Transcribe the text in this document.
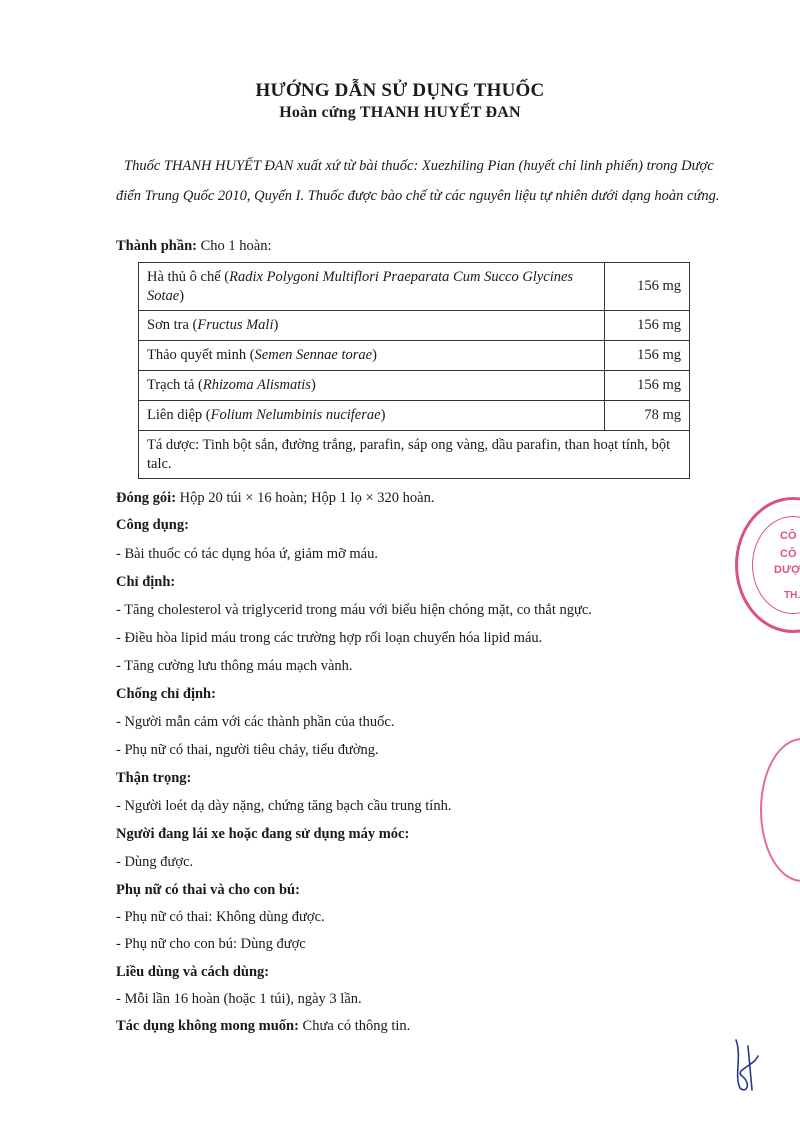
HƯỚNG DẪN SỬ DỤNG THUỐC
Hoàn cứng THANH HUYẾT ĐAN
Thuốc THANH HUYẾT ĐAN xuất xứ từ bài thuốc: Xuezhiling Pian (huyết chỉ linh phiến) trong Dược điển Trung Quốc 2010, Quyển I. Thuốc được bào chế từ các nguyên liệu tự nhiên dưới dạng hoàn cứng.
Thành phần: Cho 1 hoàn:
Hà thủ ô chế (Radix Polygoni Multiflori Praeparata Cum Succo Glycines Sotae)	156 mg
Sơn tra (Fructus Mali)	156 mg
Thảo quyết minh (Semen Sennae torae)	156 mg
Trạch tả (Rhizoma Alismatis)	156 mg
Liên diệp (Folium Nelumbinis nuciferae)	78 mg
Tá dược: Tinh bột sắn, đường trắng, parafin, sáp ong vàng, dầu parafin, than hoạt tính, bột talc.	
Đóng gói: Hộp 20 túi × 16 hoàn; Hộp 1 lọ × 320 hoàn.
Công dụng:
- Bài thuốc có tác dụng hóa ứ, giảm mỡ máu.
Chỉ định:
- Tăng cholesterol và triglycerid trong máu với biểu hiện chóng mặt, co thắt ngực.
- Điều hòa lipid máu trong các trường hợp rối loạn chuyển hóa lipid máu.
- Tăng cường lưu thông máu mạch vành.
Chống chỉ định:
- Người mẫn cảm với các thành phần của thuốc.
- Phụ nữ có thai, người tiêu chảy, tiểu đường.
Thận trọng:
- Người loét dạ dày nặng, chứng tăng bạch cầu trung tính.
Người đang lái xe hoặc đang sử dụng máy móc:
- Dùng được.
Phụ nữ có thai và cho con bú:
- Phụ nữ có thai: Không dùng được.
- Phụ nữ cho con bú: Dùng được
Liều dùng và cách dùng:
- Mỗi lần 16 hoàn (hoặc 1 túi), ngày 3 lần.
Tác dụng không mong muốn: Chưa có thông tin.
CÔ
CÔ
DƯỢ
TH.
